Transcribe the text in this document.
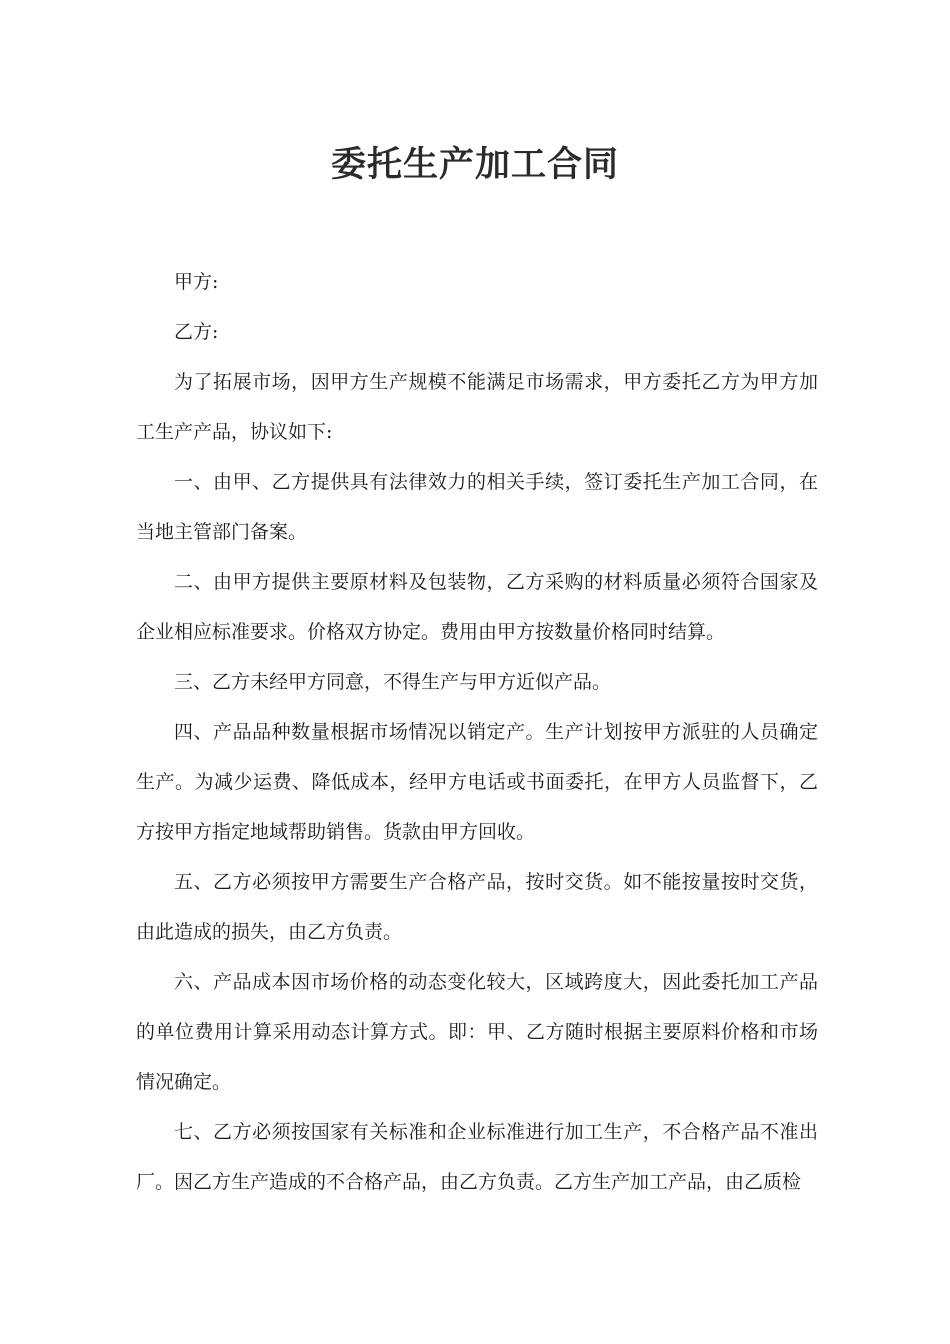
委托生产加工合同

甲方:

乙方:

为了拓展市场，因甲方生产规模不能满足市场需求，甲方委托乙方为甲方加工生产产品，协议如下:

一、由甲、乙方提供具有法律效力的相关手续，签订委托生产加工合同，在当地主管部门备案。

二、由甲方提供主要原材料及包装物，乙方采购的材料质量必须符合国家及企业相应标准要求。价格双方协定。费用由甲方按数量价格同时结算。

三、乙方未经甲方同意，不得生产与甲方近似产品。

四、产品品种数量根据市场情况以销定产。生产计划按甲方派驻的人员确定生产。为减少运费、降低成本，经甲方电话或书面委托，在甲方人员监督下，乙方按甲方指定地域帮助销售。货款由甲方回收。

五、乙方必须按甲方需要生产合格产品，按时交货。如不能按量按时交货，由此造成的损失，由乙方负责。

六、产品成本因市场价格的动态变化较大，区域跨度大，因此委托加工产品的单位费用计算采用动态计算方式。即：甲、乙方随时根据主要原料价格和市场情况确定。

七、乙方必须按国家有关标准和企业标准进行加工生产，不合格产品不准出厂。因乙方生产造成的不合格产品，由乙方负责。乙方生产加工产品，由乙质检
